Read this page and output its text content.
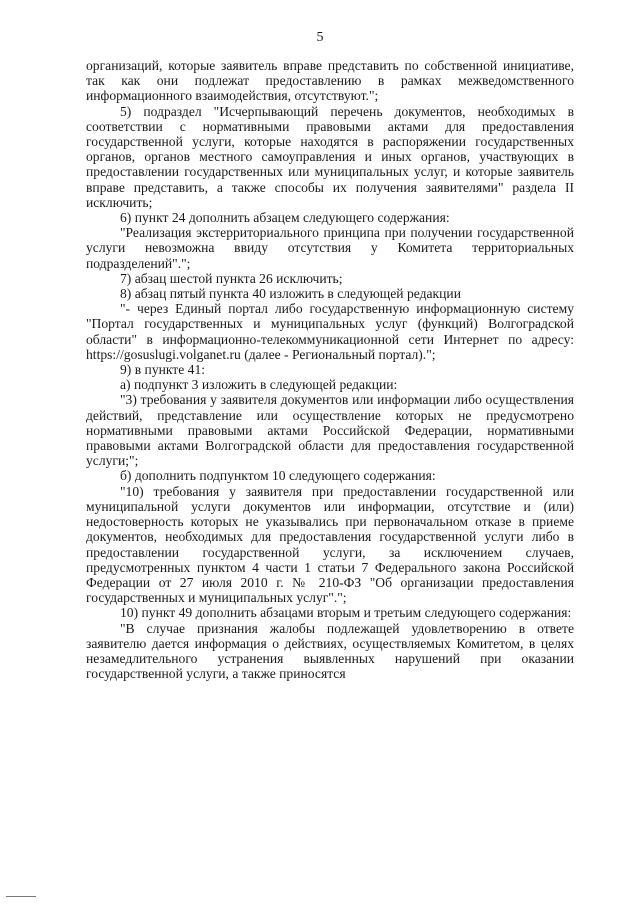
5

организаций, которые заявитель вправе представить по собственной инициативе, так как они подлежат предоставлению в рамках межведомственного информационного взаимодействия, отсутствуют.";

5) подраздел "Исчерпывающий перечень документов, необходимых в соответствии с нормативными правовыми актами для предоставления государственной услуги, которые находятся в распоряжении государственных органов, органов местного самоуправления и иных органов, участвующих в предоставлении государственных или муниципальных услуг, и которые заявитель вправе представить, а также способы их получения заявителями" раздела II исключить;

6) пункт 24 дополнить абзацем следующего содержания:

"Реализация экстерриториального принципа при получении государственной услуги невозможна ввиду отсутствия у Комитета территориальных подразделений".";

7) абзац шестой пункта 26 исключить;

8) абзац пятый пункта 40 изложить в следующей редакции

"- через Единый портал либо государственную информационную систему "Портал государственных и муниципальных услуг (функций) Волгоградской области" в информационно-телекоммуникационной сети Интернет по адресу: https://gosuslugi.volganet.ru (далее - Региональный портал).";

9) в пункте 41:

а) подпункт 3 изложить в следующей редакции:

"3) требования у заявителя документов или информации либо осуществления действий, представление или осуществление которых не предусмотрено нормативными правовыми актами Российской Федерации, нормативными правовыми актами Волгоградской области для предоставления государственной услуги;";

б) дополнить подпунктом 10 следующего содержания:

"10) требования у заявителя при предоставлении государственной или муниципальной услуги документов или информации, отсутствие и (или) недостоверность которых не указывались при первоначальном отказе в приеме документов, необходимых для предоставления государственной услуги либо в предоставлении государственной услуги, за исключением случаев, предусмотренных пунктом 4 части 1 статьи 7 Федерального закона Российской Федерации от 27 июля 2010 г. № 210-ФЗ "Об организации предоставления государственных и муниципальных услуг".";

10) пункт 49 дополнить абзацами вторым и третьим следующего содержания:

"В случае признания жалобы подлежащей удовлетворению в ответе заявителю дается информация о действиях, осуществляемых Комитетом, в целях незамедлительного устранения выявленных нарушений при оказании государственной услуги, а также приносятся
